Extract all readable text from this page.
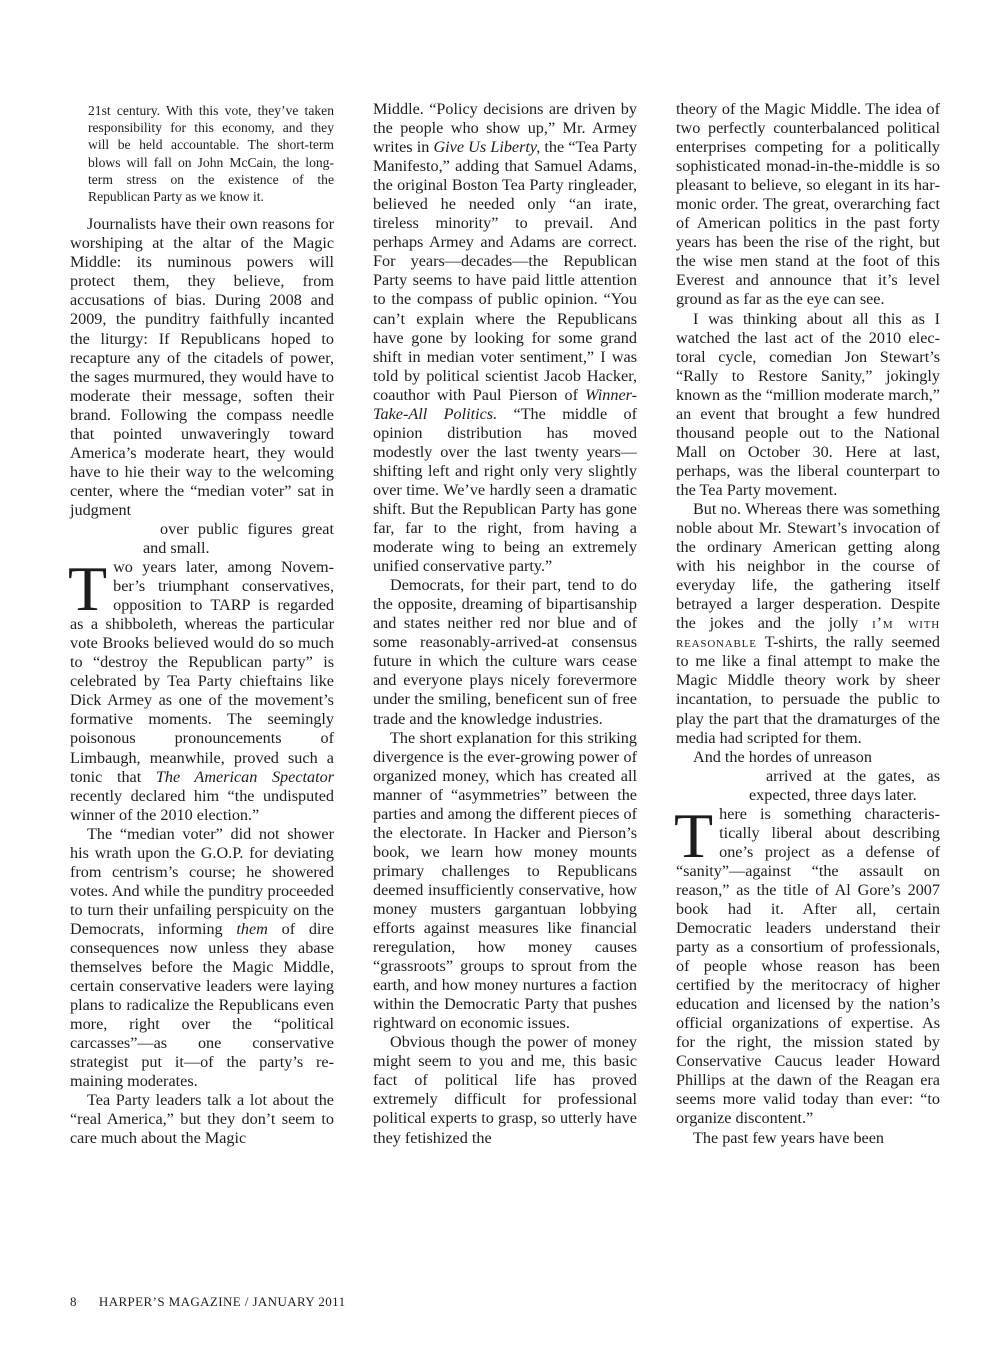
21st century. With this vote, they’ve taken responsibility for this economy, and they will be held accountable. The short-term blows will fall on John McCain, the long-term stress on the existence of the Republican Party as we know it.

Journalists have their own reasons for worshiping at the altar of the Magic Middle: its numinous powers will protect them, they believe, from accusations of bias. During 2008 and 2009, the punditry faithfully incanted the liturgy: If Republicans hoped to recapture any of the citadels of power, the sages murmured, they would have to moderate their message, soften their brand. Following the compass needle that pointed unwaveringly toward America’s moderate heart, they would have to hie their way to the welcoming center, where the “median voter” sat in judgment

over public figures great and small.

Two years later, among November’s triumphant conservatives, opposition to TARP is regarded as a shibboleth, whereas the particular vote Brooks believed would do so much to “destroy the Republican party” is celebrated by Tea Party chieftains like Dick Armey as one of the movement’s formative moments. The seemingly poisonous pronouncements of Limbaugh, meanwhile, proved such a tonic that The American Spectator recently declared him “the undisputed winner of the 2010 election.”

The “median voter” did not shower his wrath upon the G.O.P. for deviating from centrism’s course; he showered votes. And while the punditry proceeded to turn their unfailing perspicuity on the Democrats, informing them of dire consequences now unless they abase themselves before the Magic Middle, certain conservative leaders were laying plans to radicalize the Republicans even more, right over the “political carcasses”—as one conservative strategist put it—of the party’s remaining moderates.

Tea Party leaders talk a lot about the “real America,” but they don’t seem to care much about the Magic

Middle. “Policy decisions are driven by the people who show up,” Mr. Armey writes in Give Us Liberty, the “Tea Party Manifesto,” adding that Samuel Adams, the original Boston Tea Party ringleader, believed he needed only “an irate, tireless minority” to prevail. And perhaps Armey and Adams are correct. For years—decades—the Republican Party seems to have paid little attention to the compass of public opinion. “You can’t explain where the Republicans have gone by looking for some grand shift in median voter sentiment,” I was told by political scientist Jacob Hacker, coauthor with Paul Pierson of Winner-Take-All Politics. “The middle of opinion distribution has moved modestly over the last twenty years—shifting left and right only very slightly over time. We’ve hardly seen a dramatic shift. But the Republican Party has gone far, far to the right, from having a moderate wing to being an extremely unified conservative party.”

Democrats, for their part, tend to do the opposite, dreaming of bipartisanship and states neither red nor blue and of some reasonably-arrived-at consensus future in which the culture wars cease and everyone plays nicely forevermore under the smiling, beneficent sun of free trade and the knowledge industries.

The short explanation for this striking divergence is the ever-growing power of organized money, which has created all manner of “asymmetries” between the parties and among the different pieces of the electorate. In Hacker and Pierson’s book, we learn how money mounts primary challenges to Republicans deemed insufficiently conservative, how money musters gargantuan lobbying efforts against measures like financial reregulation, how money causes “grassroots” groups to sprout from the earth, and how money nurtures a faction within the Democratic Party that pushes rightward on economic issues.

Obvious though the power of money might seem to you and me, this basic fact of political life has proved extremely difficult for professional political experts to grasp, so utterly have they fetishized the

theory of the Magic Middle. The idea of two perfectly counterbalanced political enterprises competing for a politically sophisticated monad-in-the-middle is so pleasant to believe, so elegant in its harmonic order. The great, overarching fact of American politics in the past forty years has been the rise of the right, but the wise men stand at the foot of this Everest and announce that it’s level ground as far as the eye can see.

I was thinking about all this as I watched the last act of the 2010 electoral cycle, comedian Jon Stewart’s “Rally to Restore Sanity,” jokingly known as the “million moderate march,” an event that brought a few hundred thousand people out to the National Mall on October 30. Here at last, perhaps, was the liberal counterpart to the Tea Party movement.

But no. Whereas there was something noble about Mr. Stewart’s invocation of the ordinary American getting along with his neighbor in the course of everyday life, the gathering itself betrayed a larger desperation. Despite the jokes and the jolly i’m with reasonable T-shirts, the rally seemed to me like a final attempt to make the Magic Middle theory work by sheer incantation, to persuade the public to play the part that the dramaturges of the media had scripted for them.

And the hordes of unreason

arrived at the gates, as expected, three days later.

There is something characteristically liberal about describing one’s project as a defense of “sanity”—against “the assault on reason,” as the title of Al Gore’s 2007 book had it. After all, certain Democratic leaders understand their party as a consortium of professionals, of people whose reason has been certified by the meritocracy of higher education and licensed by the nation’s official organizations of expertise. As for the right, the mission stated by Conservative Caucus leader Howard Phillips at the dawn of the Reagan era seems more valid today than ever: “to organize discontent.”

The past few years have been

8 HARPER’S MAGAZINE / JANUARY 2011
